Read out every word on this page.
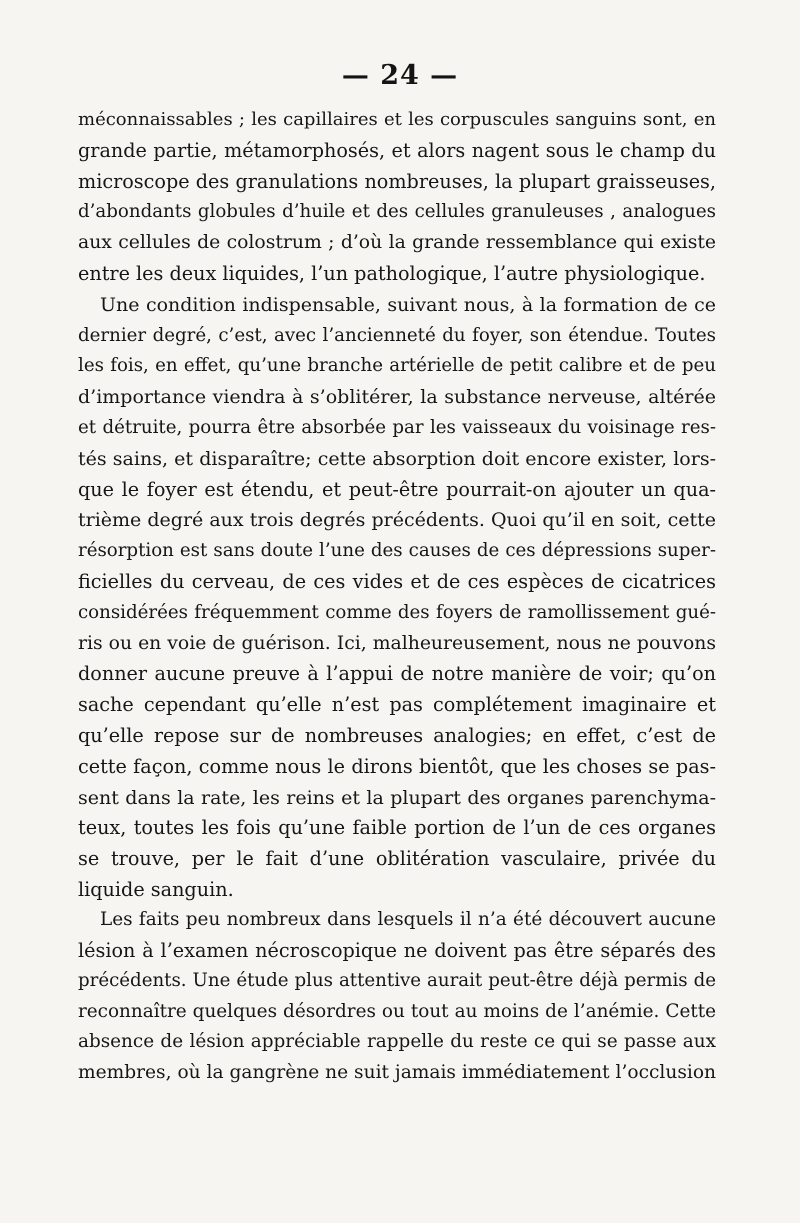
— 24 —
méconnaissables ; les capillaires et les corpuscules sanguins sont, en
grande partie, métamorphosés, et alors nagent sous le champ du
microscope des granulations nombreuses, la plupart graisseuses,
d’abondants globules d’huile et des cellules granuleuses , analogues
aux cellules de colostrum ; d’où la grande ressemblance qui existe
entre les deux liquides, l’un pathologique, l’autre physiologique.
Une condition indispensable, suivant nous, à la formation de ce
dernier degré, c’est, avec l’ancienneté du foyer, son étendue. Toutes
les fois, en effet, qu’une branche artérielle de petit calibre et de peu
d’importance viendra à s’oblitérer, la substance nerveuse, altérée
et détruite, pourra être absorbée par les vaisseaux du voisinage res-
tés sains, et disparaître; cette absorption doit encore exister, lors-
que le foyer est étendu, et peut-être pourrait-on ajouter un qua-
trième degré aux trois degrés précédents. Quoi qu’il en soit, cette
résorption est sans doute l’une des causes de ces dépressions super-
ficielles du cerveau, de ces vides et de ces espèces de cicatrices
considérées fréquemment comme des foyers de ramollissement gué-
ris ou en voie de guérison. Ici, malheureusement, nous ne pouvons
donner aucune preuve à l’appui de notre manière de voir; qu’on
sache cependant qu’elle n’est pas complétement imaginaire et
qu’elle repose sur de nombreuses analogies; en effet, c’est de
cette façon, comme nous le dirons bientôt, que les choses se pas-
sent dans la rate, les reins et la plupart des organes parenchyma-
teux, toutes les fois qu’une faible portion de l’un de ces organes
se trouve, per le fait d’une oblitération vasculaire, privée du
liquide sanguin.
Les faits peu nombreux dans lesquels il n’a été découvert aucune
lésion à l’examen nécroscopique ne doivent pas être séparés des
précédents. Une étude plus attentive aurait peut-être déjà permis de
reconnaître quelques désordres ou tout au moins de l’anémie. Cette
absence de lésion appréciable rappelle du reste ce qui se passe aux
membres, où la gangrène ne suit jamais immédiatement l’occlusion
